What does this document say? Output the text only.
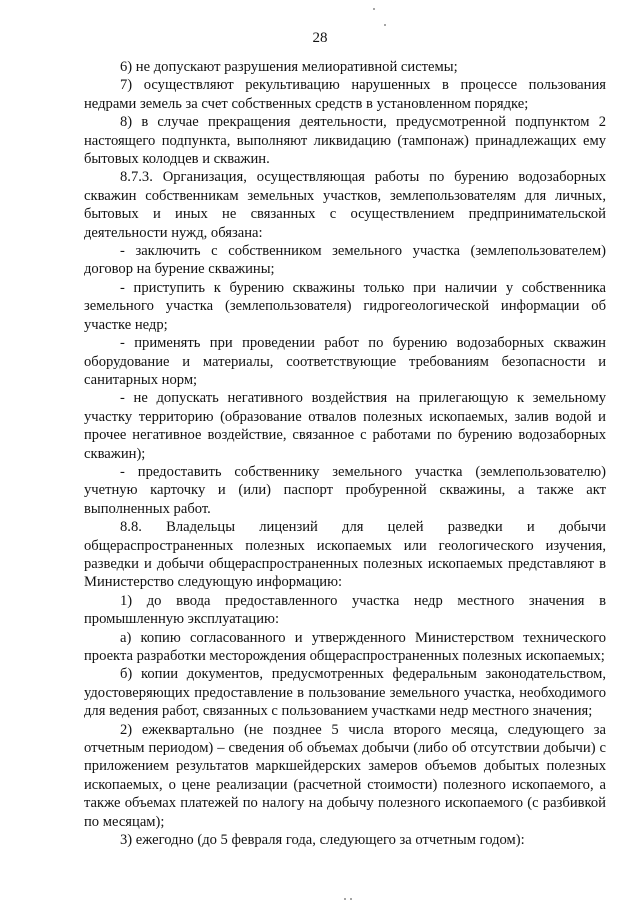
28

6) не допускают разрушения мелиоративной системы;

7) осуществляют рекультивацию нарушенных в процессе пользования недрами земель за счет собственных средств в установленном порядке;

8) в случае прекращения деятельности, предусмотренной подпунктом 2 настоящего подпункта, выполняют ликвидацию (тампонаж) принадлежащих ему бытовых колодцев и скважин.

8.7.3. Организация, осуществляющая работы по бурению водозаборных скважин собственникам земельных участков, землепользователям для личных, бытовых и иных не связанных с осуществлением предпринимательской деятельности нужд, обязана:

- заключить с собственником земельного участка (землепользователем) договор на бурение скважины;

- приступить к бурению скважины только при наличии у собственника земельного участка (землепользователя) гидрогеологической информации об участке недр;

- применять при проведении работ по бурению водозаборных скважин оборудование и материалы, соответствующие требованиям безопасности и санитарных норм;

- не допускать негативного воздействия на прилегающую к земельному участку территорию (образование отвалов полезных ископаемых, залив водой и прочее негативное воздействие, связанное с работами по бурению водозаборных скважин);

- предоставить собственнику земельного участка (землепользователю) учетную карточку и (или) паспорт пробуренной скважины, а также акт выполненных работ.

8.8. Владельцы лицензий для целей разведки и добычи общераспространенных полезных ископаемых или геологического изучения, разведки и добычи общераспространенных полезных ископаемых представляют в Министерство следующую информацию:

1) до ввода предоставленного участка недр местного значения в промышленную эксплуатацию:

а) копию согласованного и утвержденного Министерством технического проекта разработки месторождения общераспространенных полезных ископаемых;

б) копии документов, предусмотренных федеральным законодательством, удостоверяющих предоставление в пользование земельного участка, необходимого для ведения работ, связанных с пользованием участками недр местного значения;

2) ежеквартально (не позднее 5 числа второго месяца, следующего за отчетным периодом) – сведения об объемах добычи (либо об отсутствии добычи) с приложением результатов маркшейдерских замеров объемов добытых полезных ископаемых, о цене реализации (расчетной стоимости) полезного ископаемого, а также объемах платежей по налогу на добычу полезного ископаемого (с разбивкой по месяцам);

3) ежегодно (до 5 февраля года, следующего за отчетным годом):
